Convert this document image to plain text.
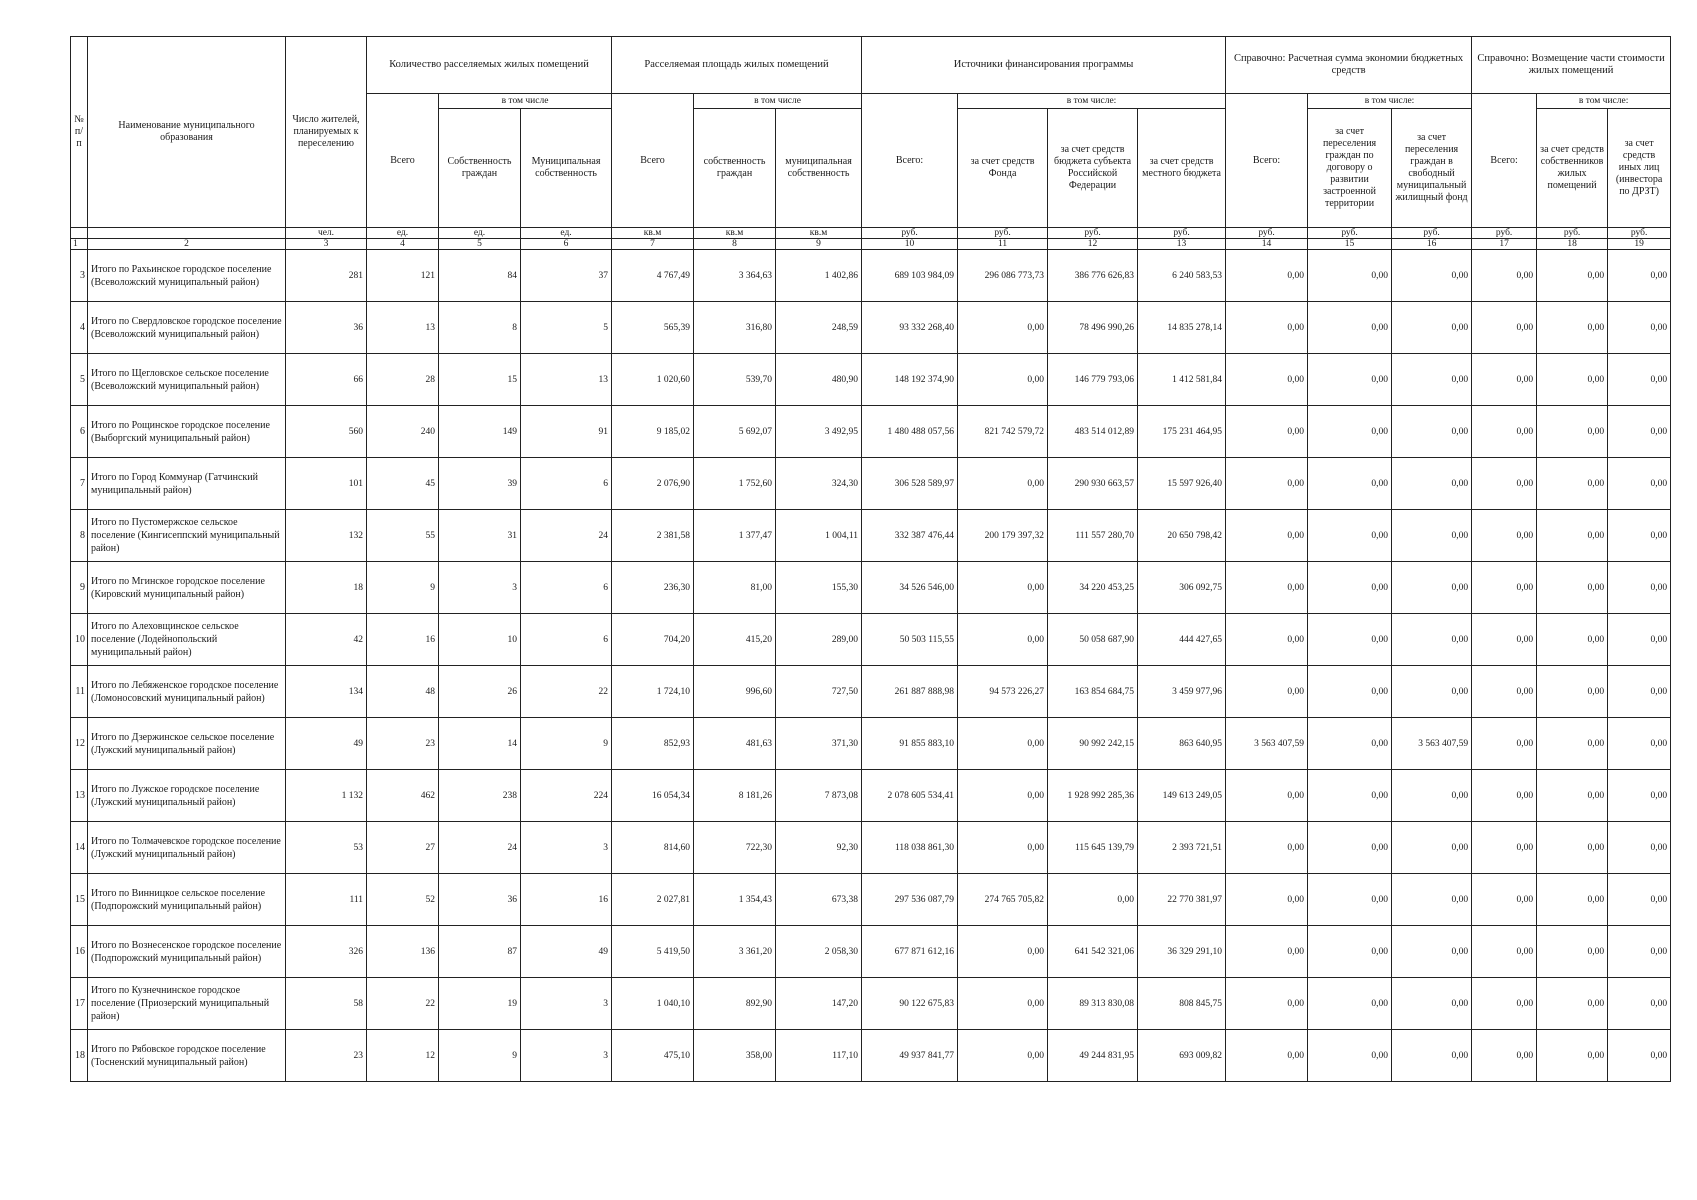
№ п/п	Наименование муниципального образования	Число жителей, планируемых к переселению	Количество расселяемых жилых помещений			Расселяемая площадь жилых помещений			Источники финансирования программы				Справочно: Расчетная сумма экономии бюджетных средств			Справочно: Возмещение части стоимости жилых помещений		
			Всего	в том числе		Всего	в том числе		Всего:	в том числе:			Всего:	в том числе:		Всего:	в том числе:	
				Собственность граждан	Муниципальная собственность		собственность граждан	муниципальная собственность		за счет средств Фонда	за счет средств бюджета субъекта Российской Федерации	за счет средств местного бюджета		за счет переселения граждан по договору о развитии застроенной территории	за счет переселения граждан в свободный муниципальный жилищный фонд		за счет средств собственников жилых помещений	за счет средств иных лиц (инвестора по ДРЗТ)
		чел.	ед.	ед.	ед.	кв.м	кв.м	кв.м	руб.	руб.	руб.	руб.	руб.	руб.	руб.	руб.	руб.	руб.
1	2	3	4	5	6	7	8	9	10	11	12	13	14	15	16	17	18	19
3	Итого по Рахьинское городское поселение (Всеволожский муниципальный район)	281	121	84	37	4 767,49	3 364,63	1 402,86	689 103 984,09	296 086 773,73	386 776 626,83	6 240 583,53	0,00	0,00	0,00	0,00	0,00	0,00
4	Итого по Свердловское городское поселение (Всеволожский муниципальный район)	36	13	8	5	565,39	316,80	248,59	93 332 268,40	0,00	78 496 990,26	14 835 278,14	0,00	0,00	0,00	0,00	0,00	0,00
5	Итого по Щегловское сельское поселение (Всеволожский муниципальный район)	66	28	15	13	1 020,60	539,70	480,90	148 192 374,90	0,00	146 779 793,06	1 412 581,84	0,00	0,00	0,00	0,00	0,00	0,00
6	Итого по Рощинское городское поселение (Выборгский муниципальный район)	560	240	149	91	9 185,02	5 692,07	3 492,95	1 480 488 057,56	821 742 579,72	483 514 012,89	175 231 464,95	0,00	0,00	0,00	0,00	0,00	0,00
7	Итого по Город Коммунар (Гатчинский муниципальный район)	101	45	39	6	2 076,90	1 752,60	324,30	306 528 589,97	0,00	290 930 663,57	15 597 926,40	0,00	0,00	0,00	0,00	0,00	0,00
8	Итого по Пустомержское сельское поселение (Кингисеппский муниципальный район)	132	55	31	24	2 381,58	1 377,47	1 004,11	332 387 476,44	200 179 397,32	111 557 280,70	20 650 798,42	0,00	0,00	0,00	0,00	0,00	0,00
9	Итого по Мгинское городское поселение (Кировский муниципальный район)	18	9	3	6	236,30	81,00	155,30	34 526 546,00	0,00	34 220 453,25	306 092,75	0,00	0,00	0,00	0,00	0,00	0,00
10	Итого по Алеховщинское сельское поселение (Лодейнопольский муниципальный район)	42	16	10	6	704,20	415,20	289,00	50 503 115,55	0,00	50 058 687,90	444 427,65	0,00	0,00	0,00	0,00	0,00	0,00
11	Итого по Лебяженское городское поселение (Ломоносовский муниципальный район)	134	48	26	22	1 724,10	996,60	727,50	261 887 888,98	94 573 226,27	163 854 684,75	3 459 977,96	0,00	0,00	0,00	0,00	0,00	0,00
12	Итого по Дзержинское сельское поселение (Лужский муниципальный район)	49	23	14	9	852,93	481,63	371,30	91 855 883,10	0,00	90 992 242,15	863 640,95	3 563 407,59	0,00	3 563 407,59	0,00	0,00	0,00
13	Итого по Лужское городское поселение (Лужский муниципальный район)	1 132	462	238	224	16 054,34	8 181,26	7 873,08	2 078 605 534,41	0,00	1 928 992 285,36	149 613 249,05	0,00	0,00	0,00	0,00	0,00	0,00
14	Итого по Толмачевское городское поселение (Лужский муниципальный район)	53	27	24	3	814,60	722,30	92,30	118 038 861,30	0,00	115 645 139,79	2 393 721,51	0,00	0,00	0,00	0,00	0,00	0,00
15	Итого по Винницкое сельское поселение (Подпорожский муниципальный район)	111	52	36	16	2 027,81	1 354,43	673,38	297 536 087,79	274 765 705,82	0,00	22 770 381,97	0,00	0,00	0,00	0,00	0,00	0,00
16	Итого по Вознесенское городское поселение (Подпорожский муниципальный район)	326	136	87	49	5 419,50	3 361,20	2 058,30	677 871 612,16	0,00	641 542 321,06	36 329 291,10	0,00	0,00	0,00	0,00	0,00	0,00
17	Итого по Кузнечнинское городское поселение (Приозерский муниципальный район)	58	22	19	3	1 040,10	892,90	147,20	90 122 675,83	0,00	89 313 830,08	808 845,75	0,00	0,00	0,00	0,00	0,00	0,00
18	Итого по Рябовское городское поселение (Тосненский муниципальный район)	23	12	9	3	475,10	358,00	117,10	49 937 841,77	0,00	49 244 831,95	693 009,82	0,00	0,00	0,00	0,00	0,00	0,00
